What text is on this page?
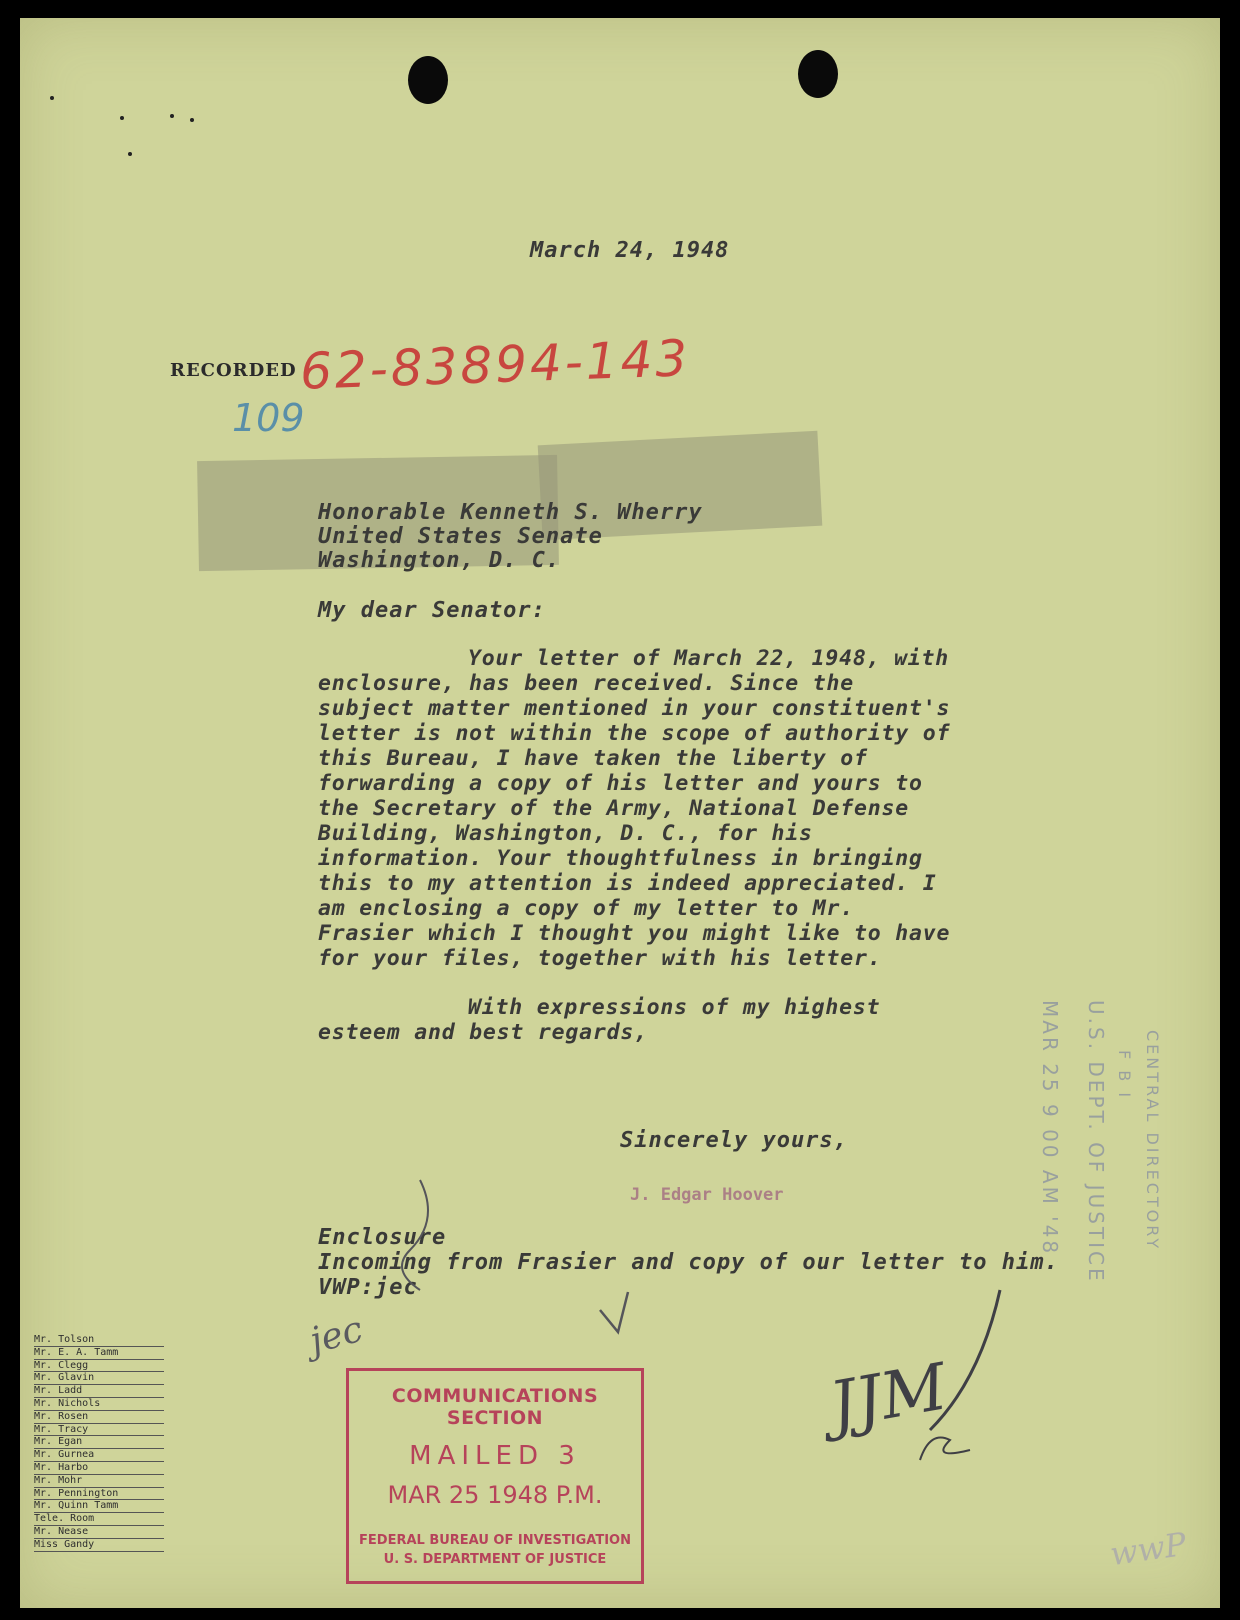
March 24, 1948
RECORDED 62-83894-143
109
Honorable Kenneth S. Wherry
United States Senate
Washington, D. C.
My dear Senator:

Your letter of March 22, 1948, with enclosure, has been received. Since the subject matter mentioned in your constituent's letter is not within the scope of authority of this Bureau, I have taken the liberty of forwarding a copy of his letter and yours to the Secretary of the Army, National Defense Building, Washington, D. C., for his information. Your thoughtfulness in bringing this to my attention is indeed appreciated. I am enclosing a copy of my letter to Mr. Frasier which I thought you might like to have for your files, together with his letter.

With expressions of my highest esteem and best regards,

Sincerely yours,
J. Edgar Hoover
Enclosure
Incoming from Frasier and copy of our letter to him.
VWP:jec
Mr. Tolson
Mr. E. A. Tamm
Mr. Clegg
Mr. Glavin
Mr. Ladd
Mr. Nichols
Mr. Rosen
Mr. Tracy
Mr. Egan
Mr. Gurnea
Mr. Harbo
Mr. Mohr
Mr. Pennington
Mr. Quinn Tamm
Tele. Room
Mr. Nease
Miss Gandy
COMMUNICATIONS SECTION
MAILED 3
MAR 25 1948 P.M.
FEDERAL BUREAU OF INVESTIGATION
U. S. DEPARTMENT OF JUSTICE
MAR 25 9 00 AM '48 U.S. DEPT. OF JUSTICE F B I CENTRAL DIRECTORY
jec
JJM
wwP
